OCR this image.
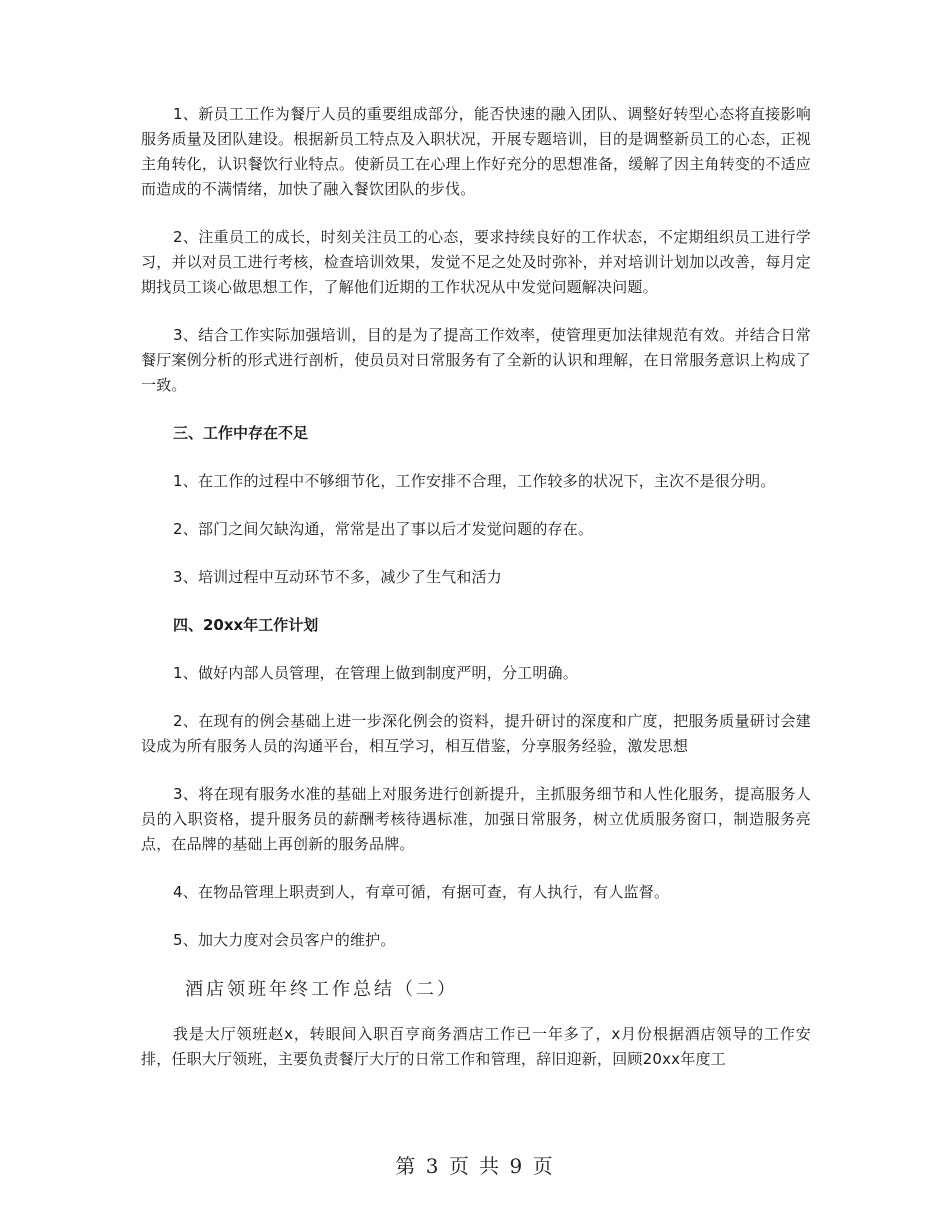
1、新员工工作为餐厅人员的重要组成部分，能否快速的融入团队、调整好转型心态将直接影响服务质量及团队建设。根据新员工特点及入职状况，开展专题培训，目的是调整新员工的心态，正视主角转化，认识餐饮行业特点。使新员工在心理上作好充分的思想准备，缓解了因主角转变的不适应而造成的不满情绪，加快了融入餐饮团队的步伐。

2、注重员工的成长，时刻关注员工的心态，要求持续良好的工作状态，不定期组织员工进行学习，并以对员工进行考核，检查培训效果，发觉不足之处及时弥补，并对培训计划加以改善，每月定期找员工谈心做思想工作，了解他们近期的工作状况从中发觉问题解决问题。

3、结合工作实际加强培训，目的是为了提高工作效率，使管理更加法律规范有效。并结合日常餐厅案例分析的形式进行剖析，使员员对日常服务有了全新的认识和理解，在日常服务意识上构成了一致。

三、工作中存在不足

1、在工作的过程中不够细节化，工作安排不合理，工作较多的状况下，主次不是很分明。

2、部门之间欠缺沟通，常常是出了事以后才发觉问题的存在。

3、培训过程中互动环节不多，减少了生气和活力

四、20xx年工作计划

1、做好内部人员管理，在管理上做到制度严明，分工明确。

2、在现有的例会基础上进一步深化例会的资料，提升研讨的深度和广度，把服务质量研讨会建设成为所有服务人员的沟通平台，相互学习，相互借鉴，分享服务经验，激发思想

3、将在现有服务水准的基础上对服务进行创新提升，主抓服务细节和人性化服务，提高服务人员的入职资格，提升服务员的薪酬考核待遇标准，加强日常服务，树立优质服务窗口，制造服务亮点，在品牌的基础上再创新的服务品牌。

4、在物品管理上职责到人，有章可循，有据可查，有人执行，有人监督。

5、加大力度对会员客户的维护。

酒店领班年终工作总结（二）

我是大厅领班赵x，转眼间入职百亨商务酒店工作已一年多了，x月份根据酒店领导的工作安排，任职大厅领班，主要负责餐厅大厅的日常工作和管理，辞旧迎新，回顾20xx年度工

第 3 页 共 9 页
